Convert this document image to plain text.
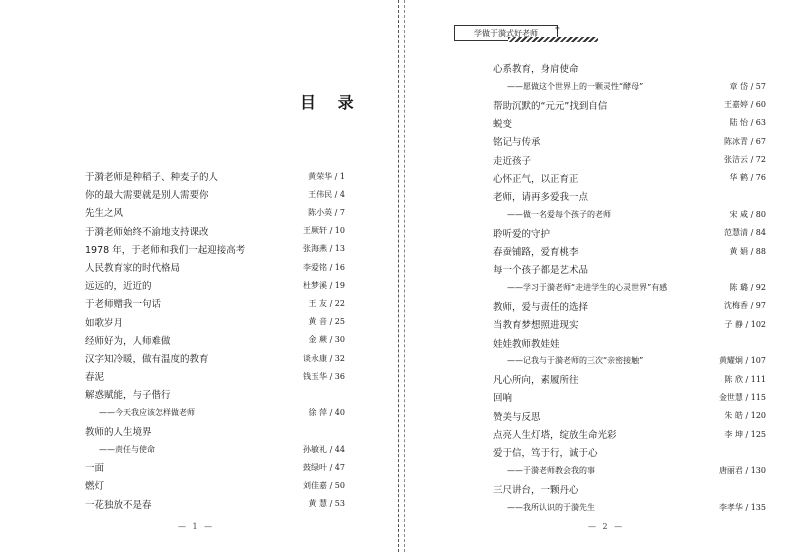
目 录
于漪老师是种稻子、种麦子的人	黄荣华 / 1
你的最大需要就是别人需要你	王伟民 / 4
先生之风	陈小英 / 7
于漪老师始终不渝地支持课改	王厥轩 / 10
1978 年，于老师和我们一起迎接高考	张海燕 / 13
人民教育家的时代格局	李爱铭 / 16
远远的，近近的	杜梦溪 / 19
于老师赠我一句话	王 友 / 22
如歌岁月	黄 音 / 25
经师好为，人师难做	金 蕨 / 30
汉字知冷暖，做有温度的教育	谈永康 / 32
春泥	钱玉华 / 36
解惑赋能，与子偕行
——今天我应该怎样做老师	徐 萍 / 40
教师的人生境界
——责任与使命	孙敏礼 / 44
一面	鼓绿叶 / 47
燃灯	刘佳嘉 / 50
一花独放不是春	黄 慧 / 53
— 1 —
学做于漪式好老师	✧
心系教育，身肩使命
——愿做这个世界上的一颗灵性“酵母”	章 岱 / 57
帮助沉默的“元元”找到自信	王嘉婷 / 60
蜕变	陆 怡 / 63
铭记与传承	陈冰青 / 67
走近孩子	张洁云 / 72
心怀正气，以正育正	华 鹤 / 76
老师，请再多爱我一点
——做一名爱每个孩子的老师	宋 咸 / 80
聆听爱的守护	范慧清 / 84
春蚕铺路，爱育桃李	黄 娟 / 88
每一个孩子都是艺术品
——学习于漪老师“走进学生的心灵世界”有感	陈 璐 / 92
教师，爱与责任的选择	沈梅香 / 97
当教育梦想照进现实	子 静 / 102
娃娃教师教娃娃
——记我与于漪老师的三次“亲密接触”	黄耀炯 / 107
凡心所向，素履所往	陈 欣 / 111
回响	金世慧 / 115
赞美与反思	朱 皓 / 120
点亮人生灯塔，绽放生命光彩	李 坤 / 125
爱于信，笃于行，诚于心
——于漪老师教会我的事	唐丽君 / 130
三尺讲台，一颗丹心
——我所认识的于漪先生	李孝华 / 135
— 2 —
